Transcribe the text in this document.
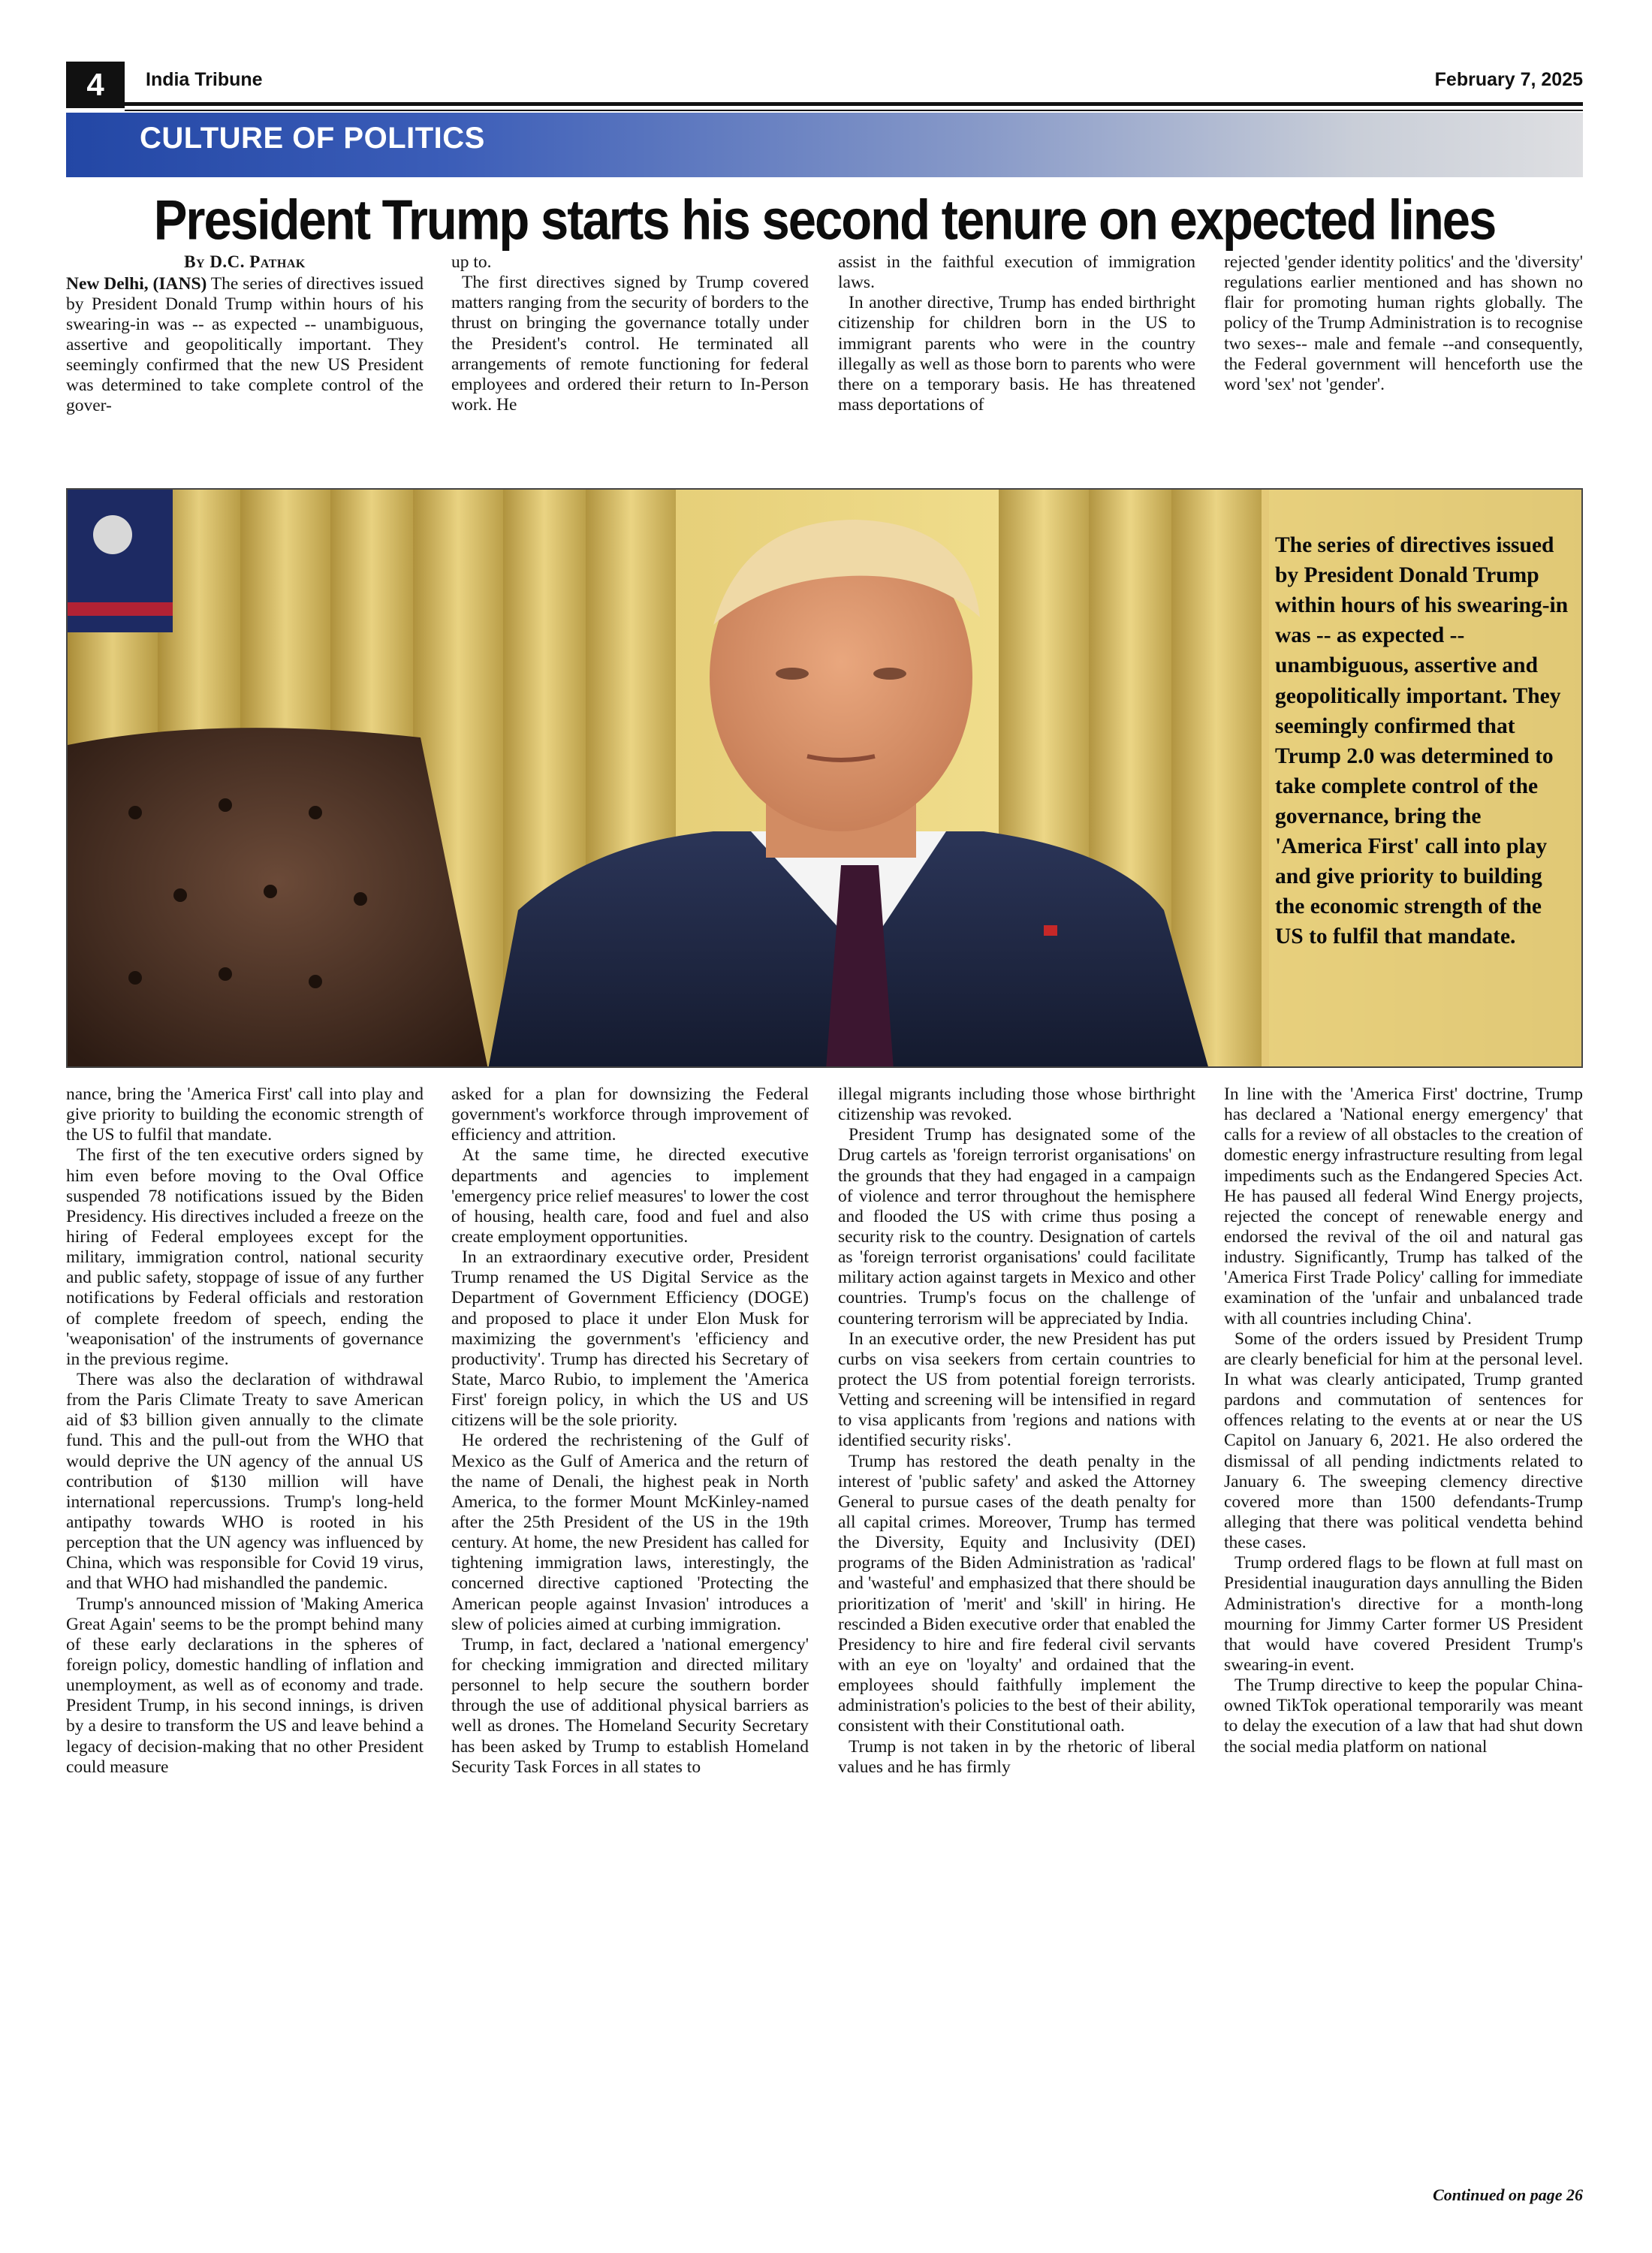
4	India Tribune	February 7, 2025
CULTURE OF POLITICS
President Trump starts his second tenure on expected lines
By D.C. Pathak

New Delhi, (IANS) The series of directives issued by President Donald Trump within hours of his swearing-in was -- as expected -- unambiguous, assertive and geopolitically important. They seemingly confirmed that the new US President was determined to take complete control of the gover-

up to.

The first directives signed by Trump covered matters ranging from the security of borders to the thrust on bringing the governance totally under the President's control. He terminated all arrangements of remote functioning for federal employees and ordered their return to In-Person work. He

assist in the faithful execution of immigration laws.

In another directive, Trump has ended birthright citizenship for children born in the US to immigrant parents who were in the country illegally as well as those born to parents who were there on a temporary basis. He has threatened mass deportations of

rejected 'gender identity politics' and the 'diversity' regulations earlier mentioned and has shown no flair for promoting human rights globally. The policy of the Trump Administration is to recognise two sexes-- male and female --and consequently, the Federal government will henceforth use the word 'sex' not 'gender'.

The series of directives issued by President Donald Trump within hours of his swearing-in was -- as expected -- unambiguous, assertive and geopolitically important. They seemingly confirmed that Trump 2.0 was determined to take complete control of the governance, bring the 'America First' call into play and give priority to building the economic strength of the US to fulfil that mandate.

nance, bring the 'America First' call into play and give priority to building the economic strength of the US to fulfil that mandate.

The first of the ten executive orders signed by him even before moving to the Oval Office suspended 78 notifications issued by the Biden Presidency. His directives included a freeze on the hiring of Federal employees except for the military, immigration control, national security and public safety, stoppage of issue of any further notifications by Federal officials and restoration of complete freedom of speech, ending the 'weaponisation' of the instruments of governance in the previous regime.

There was also the declaration of withdrawal from the Paris Climate Treaty to save American aid of $3 billion given annually to the climate fund. This and the pull-out from the WHO that would deprive the UN agency of the annual US contribution of $130 million will have international repercussions. Trump's long-held antipathy towards WHO is rooted in his perception that the UN agency was influenced by China, which was responsible for Covid 19 virus, and that WHO had mishandled the pandemic.

Trump's announced mission of 'Making America Great Again' seems to be the prompt behind many of these early declarations in the spheres of foreign policy, domestic handling of inflation and unemployment, as well as of economy and trade. President Trump, in his second innings, is driven by a desire to transform the US and leave behind a legacy of decision-making that no other President could measure

asked for a plan for downsizing the Federal government's workforce through improvement of efficiency and attrition.

At the same time, he directed executive departments and agencies to implement 'emergency price relief measures' to lower the cost of housing, health care, food and fuel and also create employment opportunities.

In an extraordinary executive order, President Trump renamed the US Digital Service as the Department of Government Efficiency (DOGE) and proposed to place it under Elon Musk for maximizing the government's 'efficiency and productivity'. Trump has directed his Secretary of State, Marco Rubio, to implement the 'America First' foreign policy, in which the US and US citizens will be the sole priority.

He ordered the rechristening of the Gulf of Mexico as the Gulf of America and the return of the name of Denali, the highest peak in North America, to the former Mount McKinley-named after the 25th President of the US in the 19th century. At home, the new President has called for tightening immigration laws, interestingly, the concerned directive captioned 'Protecting the American people against Invasion' introduces a slew of policies aimed at curbing immigration.

Trump, in fact, declared a 'national emergency' for checking immigration and directed military personnel to help secure the southern border through the use of additional physical barriers as well as drones. The Homeland Security Secretary has been asked by Trump to establish Homeland Security Task Forces in all states to

illegal migrants including those whose birthright citizenship was revoked.

President Trump has designated some of the Drug cartels as 'foreign terrorist organisations' on the grounds that they had engaged in a campaign of violence and terror throughout the hemisphere and flooded the US with crime thus posing a security risk to the country. Designation of cartels as 'foreign terrorist organisations' could facilitate military action against targets in Mexico and other countries. Trump's focus on the challenge of countering terrorism will be appreciated by India.

In an executive order, the new President has put curbs on visa seekers from certain countries to protect the US from potential foreign terrorists. Vetting and screening will be intensified in regard to visa applicants from 'regions and nations with identified security risks'.

Trump has restored the death penalty in the interest of 'public safety' and asked the Attorney General to pursue cases of the death penalty for all capital crimes. Moreover, Trump has termed the Diversity, Equity and Inclusivity (DEI) programs of the Biden Administration as 'radical' and 'wasteful' and emphasized that there should be prioritization of 'merit' and 'skill' in hiring. He rescinded a Biden executive order that enabled the Presidency to hire and fire federal civil servants with an eye on 'loyalty' and ordained that the employees should faithfully implement the administration's policies to the best of their ability, consistent with their Constitutional oath.

Trump is not taken in by the rhetoric of liberal values and he has firmly

In line with the 'America First' doctrine, Trump has declared a 'National energy emergency' that calls for a review of all obstacles to the creation of domestic energy infrastructure resulting from legal impediments such as the Endangered Species Act. He has paused all federal Wind Energy projects, rejected the concept of renewable energy and endorsed the revival of the oil and natural gas industry. Significantly, Trump has talked of the 'America First Trade Policy' calling for immediate examination of the 'unfair and unbalanced trade with all countries including China'.

Some of the orders issued by President Trump are clearly beneficial for him at the personal level. In what was clearly anticipated, Trump granted pardons and commutation of sentences for offences relating to the events at or near the US Capitol on January 6, 2021. He also ordered the dismissal of all pending indictments related to January 6. The sweeping clemency directive covered more than 1500 defendants-Trump alleging that there was political vendetta behind these cases.

Trump ordered flags to be flown at full mast on Presidential inauguration days annulling the Biden Administration's directive for a month-long mourning for Jimmy Carter former US President that would have covered President Trump's swearing-in event.

The Trump directive to keep the popular China-owned TikTok operational temporarily was meant to delay the execution of a law that had shut down the social media platform on national

Continued on page 26
